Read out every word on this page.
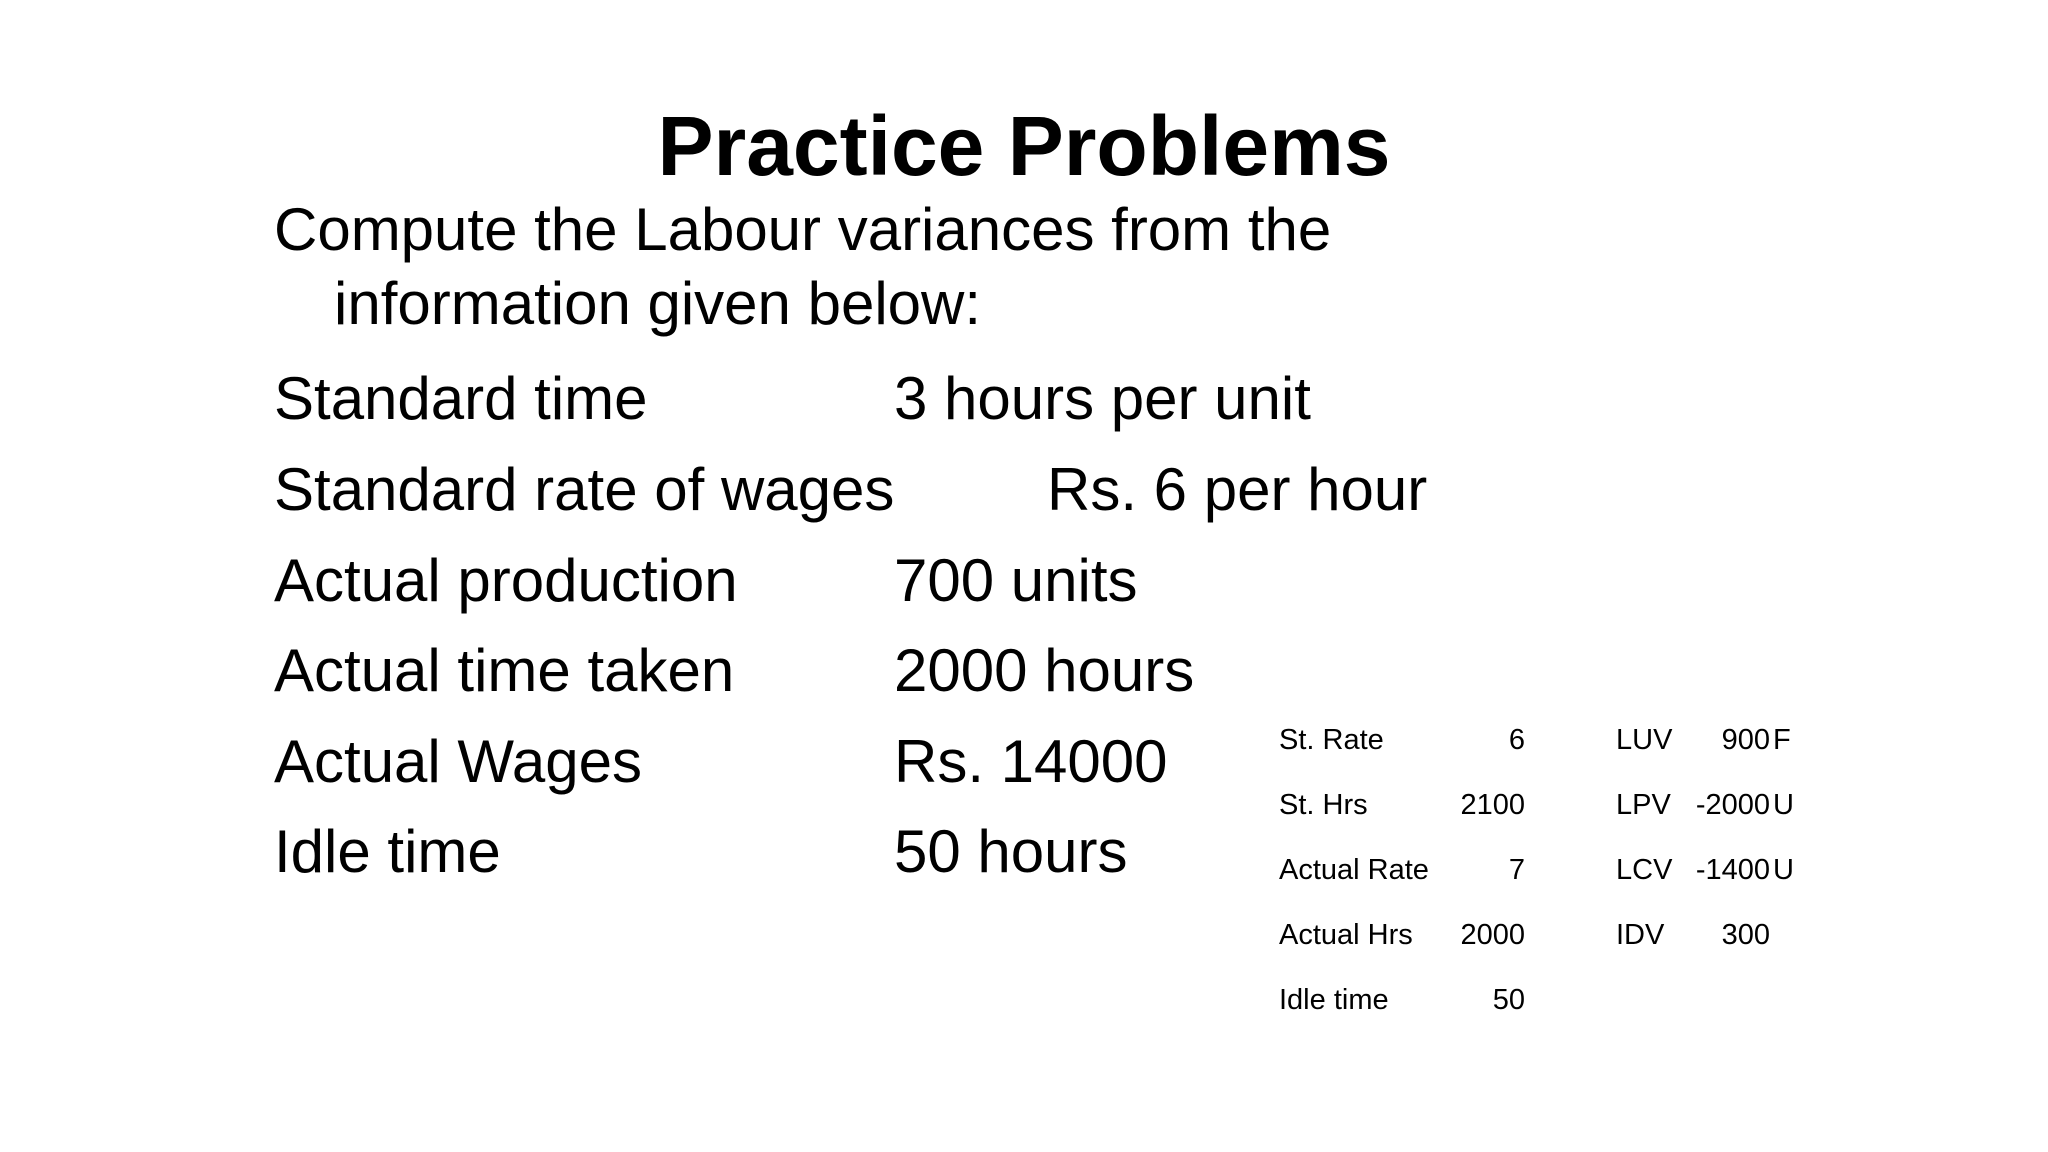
Practice Problems
Compute the Labour variances from the
information given below:
Standard time	3 hours per unit
Standard rate of wages	Rs. 6 per hour
Actual production	700 units
Actual time taken	2000 hours
Actual Wages	Rs. 14000
Idle time	50 hours
St. Rate	6
St. Hrs	2100
Actual Rate	7
Actual Hrs	2000
Idle time	50
LUV	900 F
LPV -2000 U
LCV -1400 U
IDV	300
